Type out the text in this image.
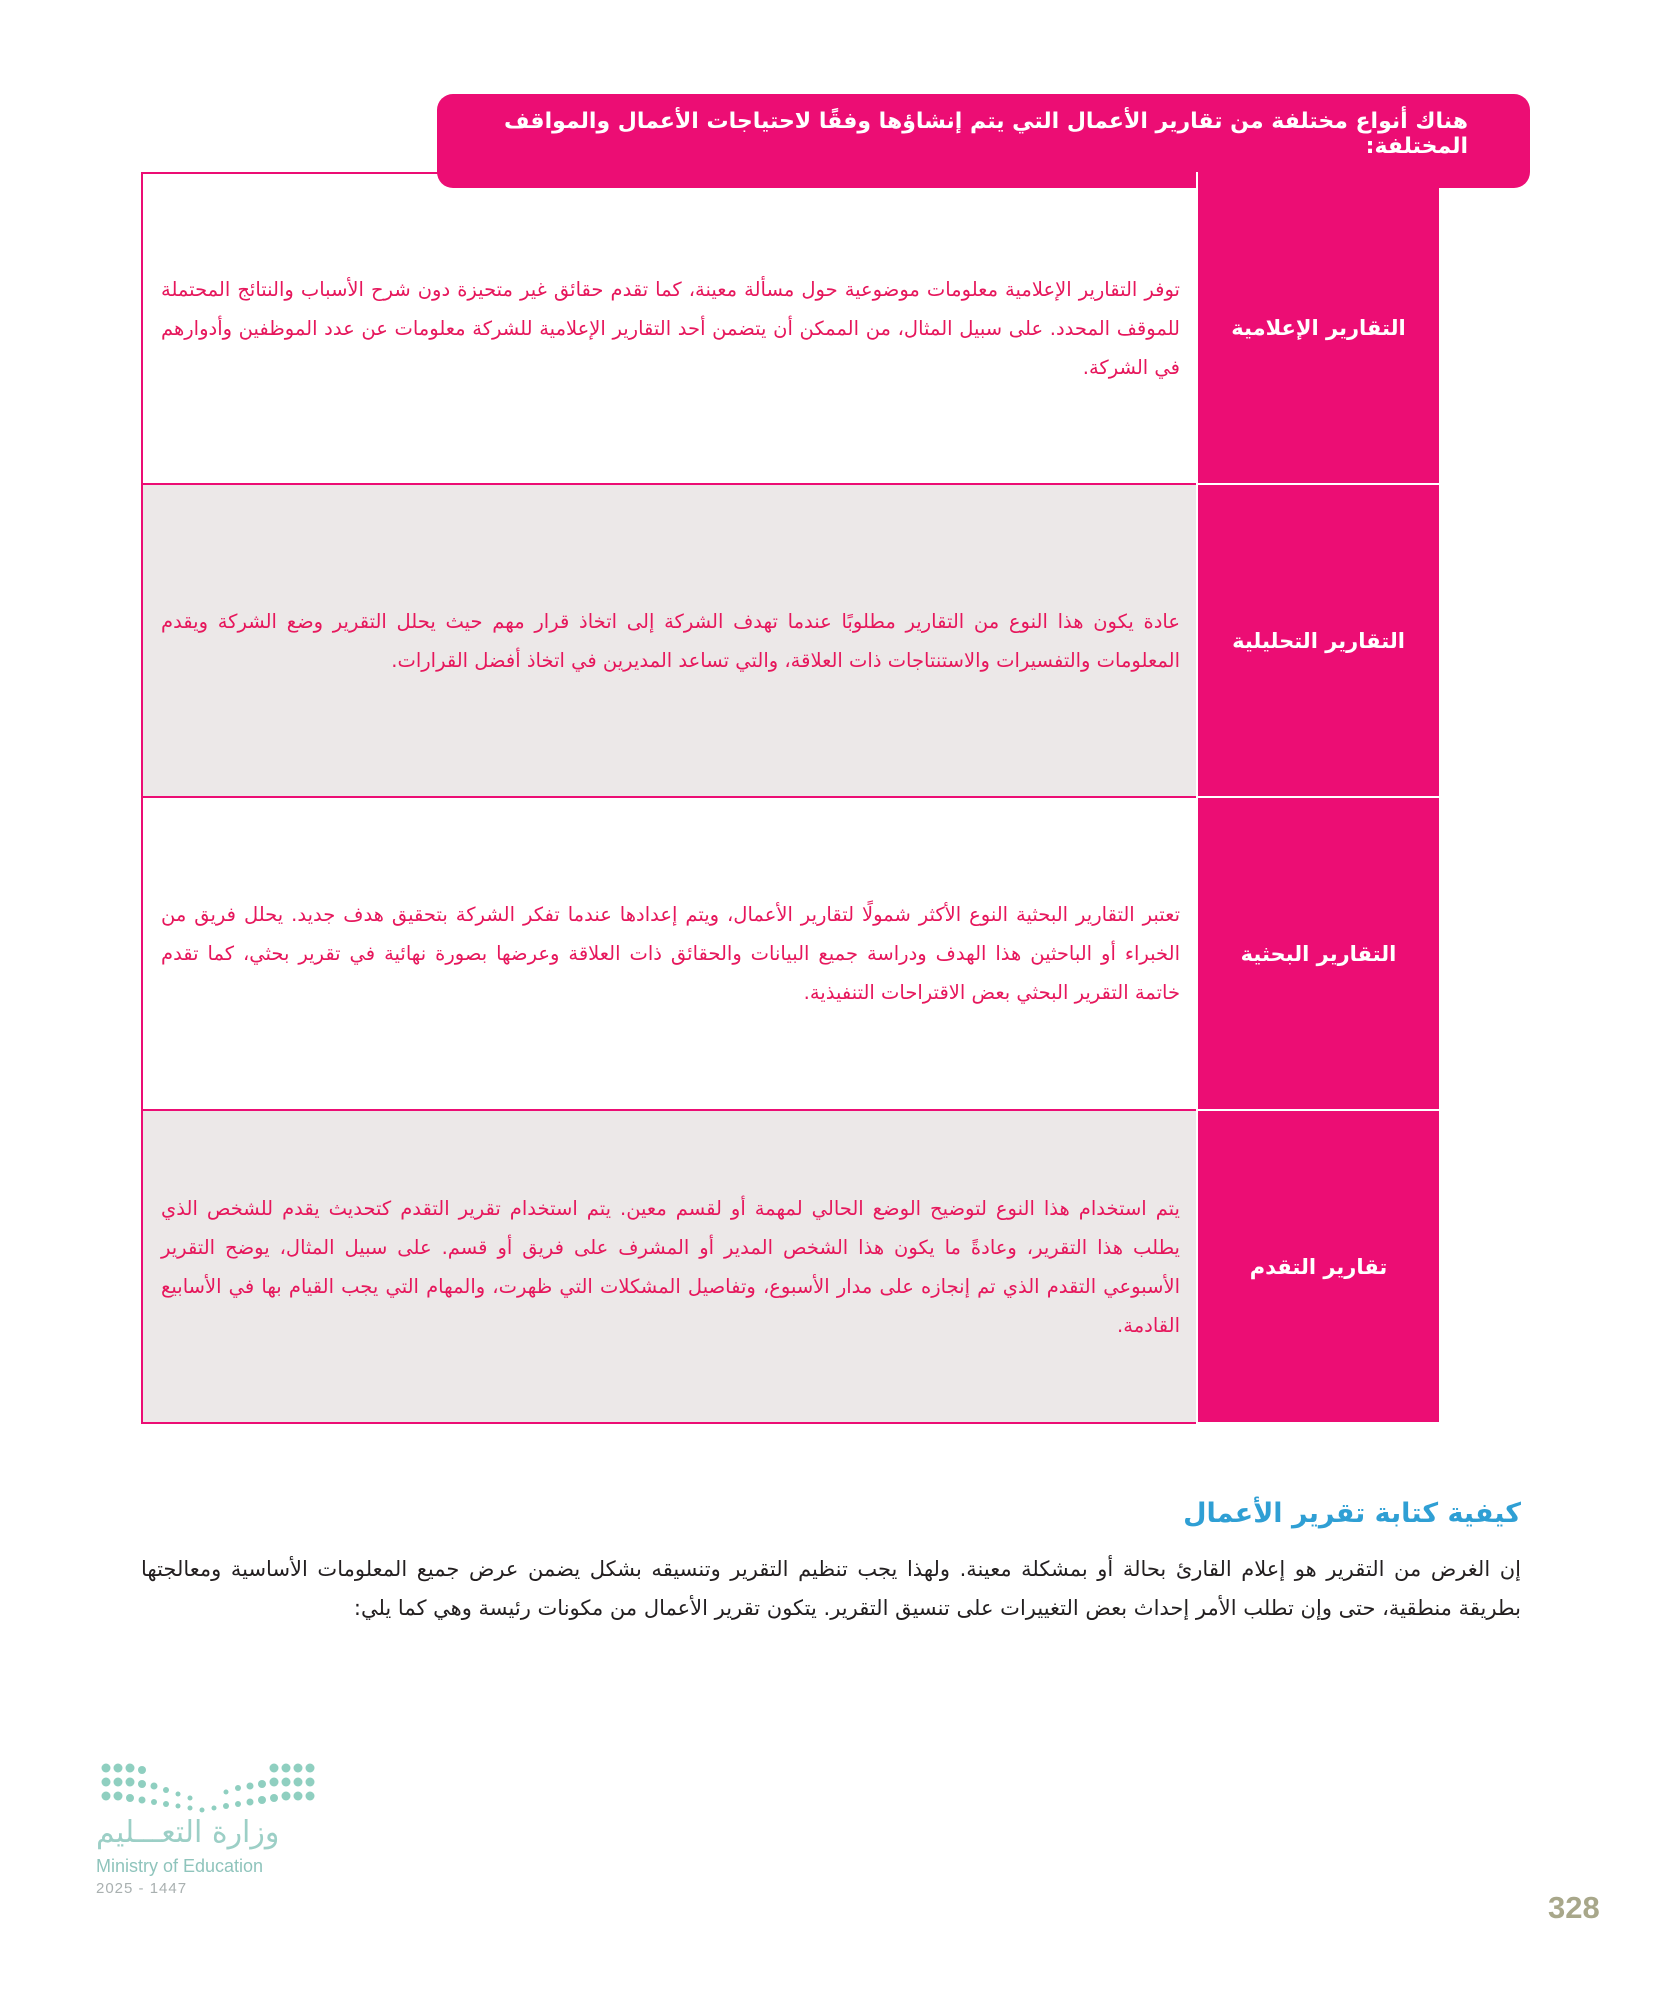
هناك أنواع مختلفة من تقارير الأعمال التي يتم إنشاؤها وفقًا لاحتياجات الأعمال والمواقف المختلفة:
توفر التقارير الإعلامية معلومات موضوعية حول مسألة معينة، كما تقدم حقائق غير متحيزة دون شرح الأسباب والنتائج المحتملة للموقف المحدد. على سبيل المثال، من الممكن أن يتضمن أحد التقارير الإعلامية للشركة معلومات عن عدد الموظفين وأدوارهم في الشركة.
التقارير الإعلامية
عادة يكون هذا النوع من التقارير مطلوبًا عندما تهدف الشركة إلى اتخاذ قرار مهم حيث يحلل التقرير وضع الشركة ويقدم المعلومات والتفسيرات والاستنتاجات ذات العلاقة، والتي تساعد المديرين في اتخاذ أفضل القرارات.
التقارير التحليلية
تعتبر التقارير البحثية النوع الأكثر شمولًا لتقارير الأعمال، ويتم إعدادها عندما تفكر الشركة بتحقيق هدف جديد. يحلل فريق من الخبراء أو الباحثين هذا الهدف ودراسة جميع البيانات والحقائق ذات العلاقة وعرضها بصورة نهائية في تقرير بحثي، كما تقدم خاتمة التقرير البحثي بعض الاقتراحات التنفيذية.
التقارير البحثية
يتم استخدام هذا النوع لتوضيح الوضع الحالي لمهمة أو لقسم معين. يتم استخدام تقرير التقدم كتحديث يقدم للشخص الذي يطلب هذا التقرير، وعادةً ما يكون هذا الشخص المدير أو المشرف على فريق أو قسم. على سبيل المثال، يوضح التقرير الأسبوعي التقدم الذي تم إنجازه على مدار الأسبوع، وتفاصيل المشكلات التي ظهرت، والمهام التي يجب القيام بها في الأسابيع القادمة.
تقارير التقدم
كيفية كتابة تقرير الأعمال
إن الغرض من التقرير هو إعلام القارئ بحالة أو بمشكلة معينة. ولهذا يجب تنظيم التقرير وتنسيقه بشكل يضمن عرض جميع المعلومات الأساسية ومعالجتها بطريقة منطقية، حتى وإن تطلب الأمر إحداث بعض التغييرات على تنسيق التقرير. يتكون تقرير الأعمال من مكونات رئيسة وهي كما يلي:
وزارة التعـــليم
Ministry of Education
2025 - 1447
328
